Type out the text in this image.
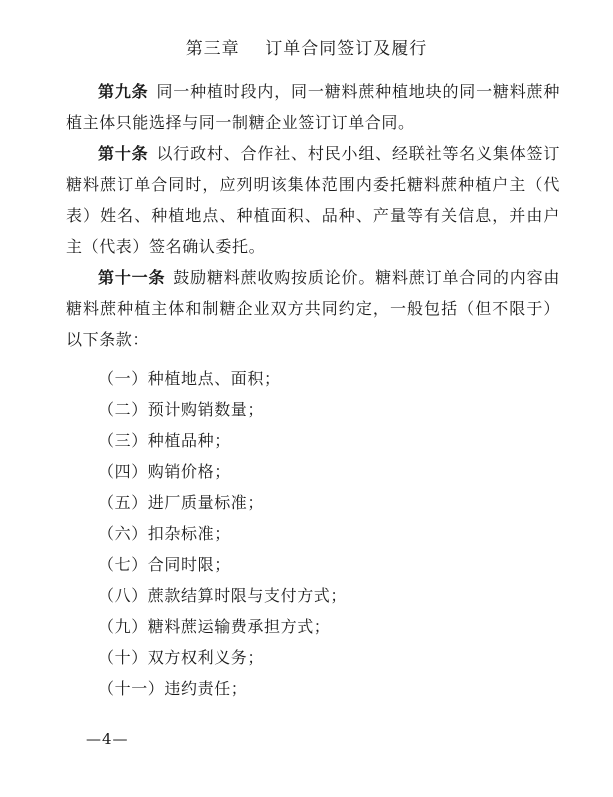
第三章    订单合同签订及履行

第九条 同一种植时段内，同一糖料蔗种植地块的同一糖料蔗种植主体只能选择与同一制糖企业签订订单合同。

第十条 以行政村、合作社、村民小组、经联社等名义集体签订糖料蔗订单合同时，应列明该集体范围内委托糖料蔗种植户主（代表）姓名、种植地点、种植面积、品种、产量等有关信息，并由户主（代表）签名确认委托。

第十一条 鼓励糖料蔗收购按质论价。糖料蔗订单合同的内容由糖料蔗种植主体和制糖企业双方共同约定，一般包括（但不限于）以下条款：

（一）种植地点、面积；
（二）预计购销数量；
（三）种植品种；
（四）购销价格；
（五）进厂质量标准；
（六）扣杂标准；
（七）合同时限；
（八）蔗款结算时限与支付方式；
（九）糖料蔗运输费承担方式；
（十）双方权利义务；
（十一）违约责任；
—4—
